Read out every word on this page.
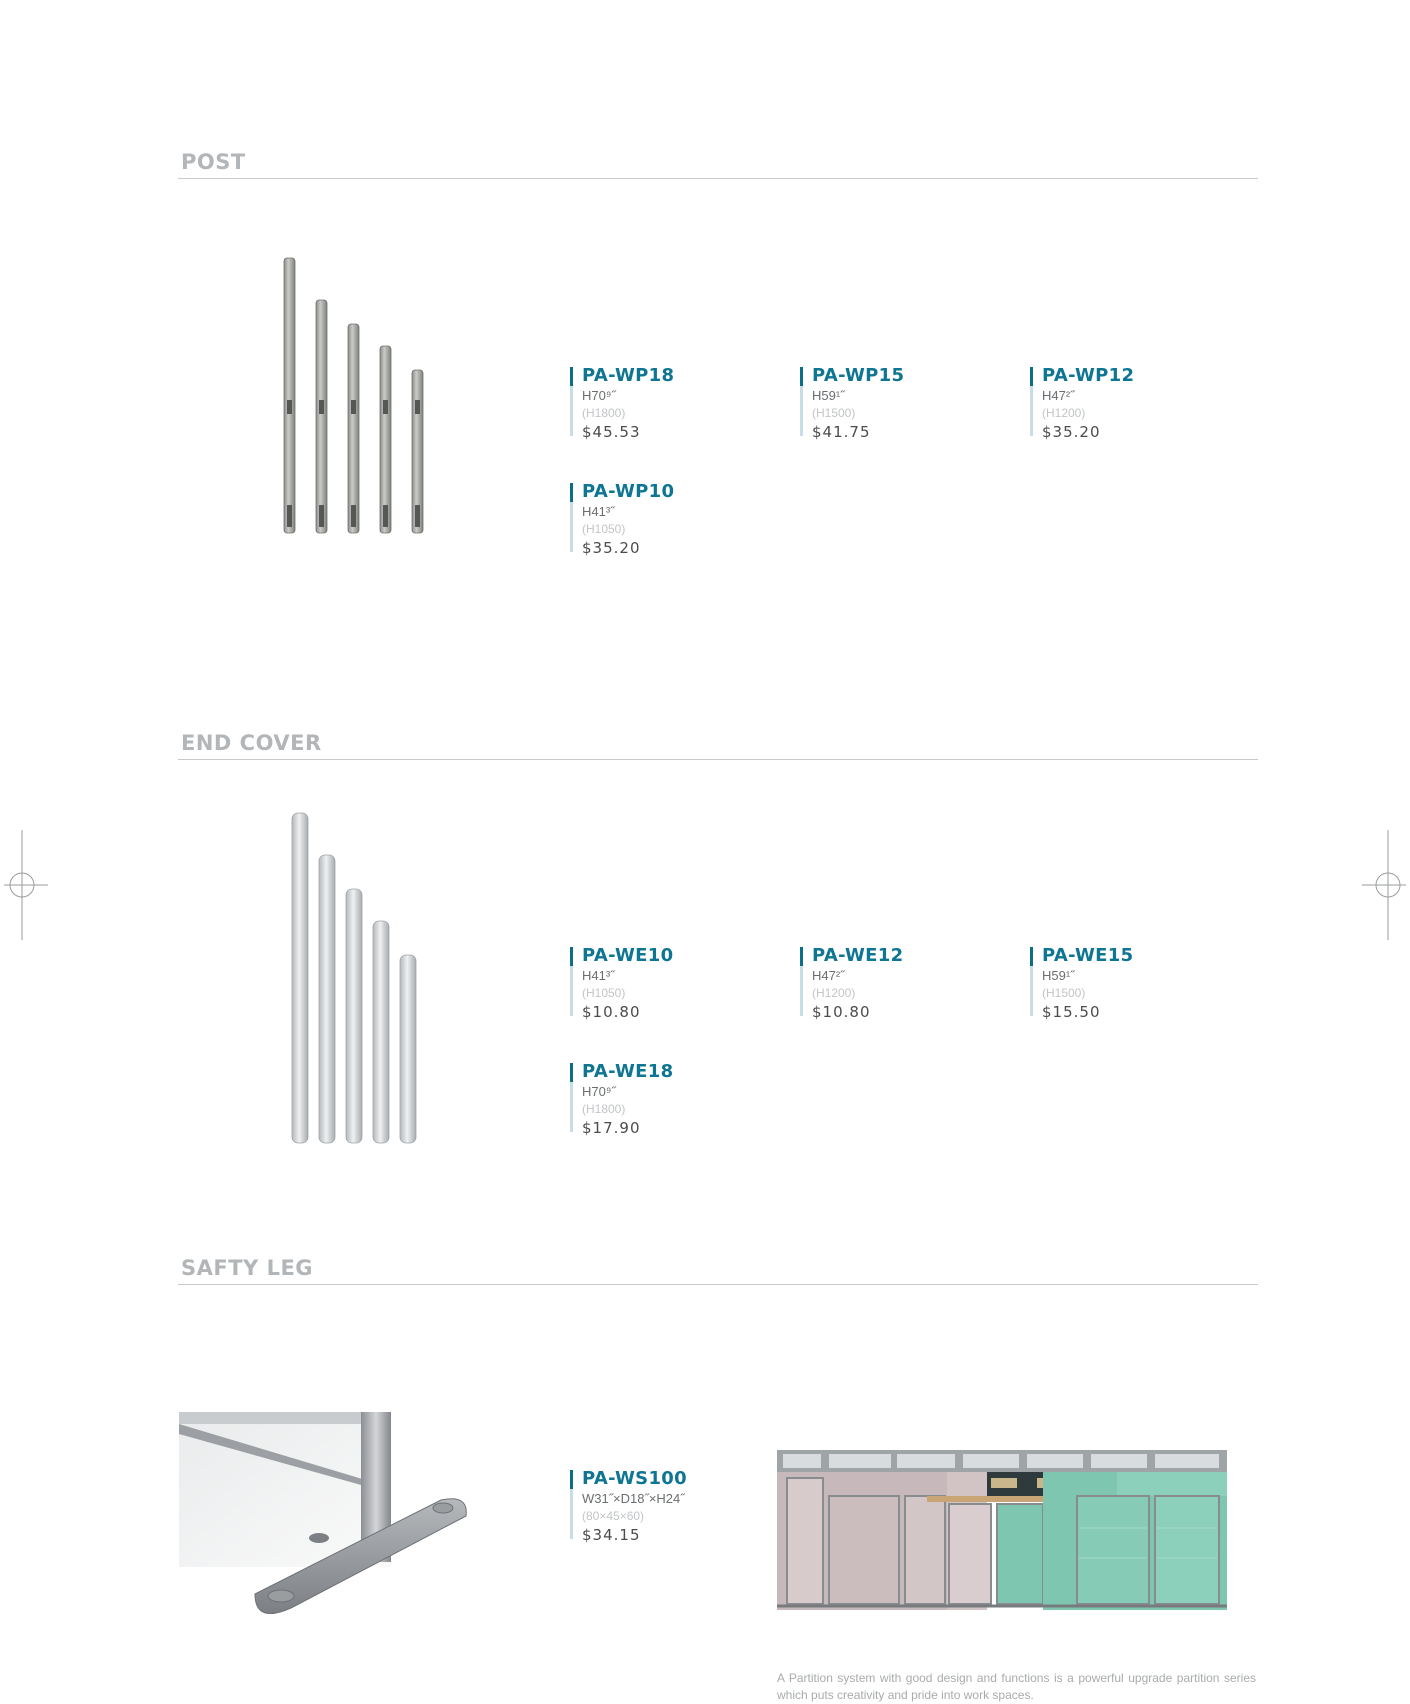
POST
PA-WP18
H70⁹˝
(H1800)
$45.53
PA-WP15
H59¹˝
(H1500)
$41.75
PA-WP12
H47²˝
(H1200)
$35.20
PA-WP10
H41³˝
(H1050)
$35.20
END COVER
PA-WE10
H41³˝
(H1050)
$10.80
PA-WE12
H47²˝
(H1200)
$10.80
PA-WE15
H59¹˝
(H1500)
$15.50
PA-WE18
H70⁹˝
(H1800)
$17.90
SAFTY LEG
PA-WS100
W31˝×D18˝×H24˝
(80×45×60)
$34.15
A Partition system with good design and functions is a powerful upgrade partition series which puts creativity and pride into work spaces.
